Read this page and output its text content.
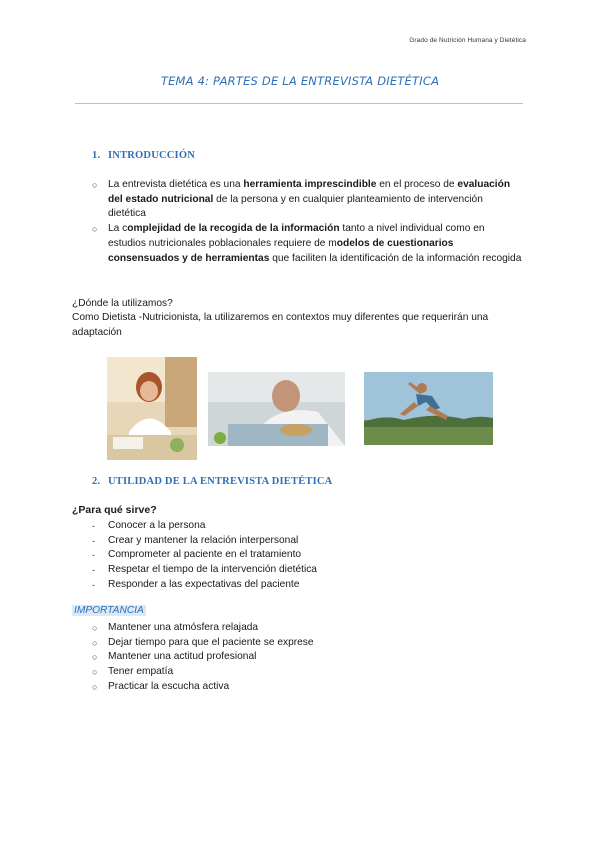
Grado de Nutrición Humana y Dietética
TEMA 4: PARTES DE LA ENTREVISTA DIETÉTICA
1. INTRODUCCIÓN
○	La entrevista dietética es una herramienta imprescindible en el proceso de evaluación del estado nutricional de la persona y en cualquier planteamiento de intervención dietética
○	La complejidad de la recogida de la información tanto a nivel individual como en estudios nutricionales poblacionales requiere de modelos de cuestionarios consensuados y de herramientas que faciliten la identificación de la información recogida
¿Dónde la utilizamos?
Como Dietista -Nutricionista, la utilizaremos en contextos muy diferentes que requerirán una adaptación
2. UTILIDAD DE LA ENTREVISTA DIETÉTICA
¿Para qué sirve?
-	Conocer a la persona
-	Crear y mantener la relación interpersonal
-	Comprometer al paciente en el tratamiento
-	Respetar el tiempo de la intervención dietética
-	Responder a las expectativas del paciente
IMPORTANCIA
○	Mantener una atmósfera relajada
○	Dejar tiempo para que el paciente se exprese
○	Mantener una actitud profesional
○	Tener empatía
○	Practicar la escucha activa
